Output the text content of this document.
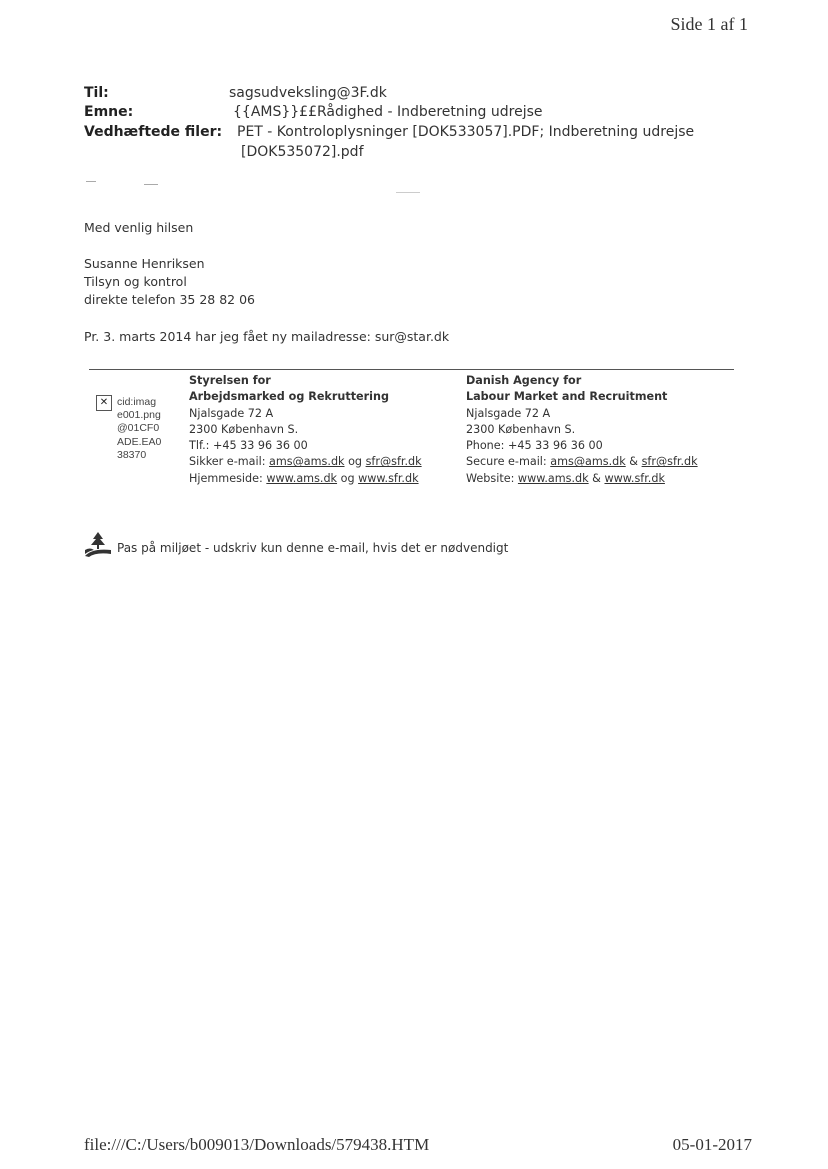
Side 1 af 1
Til:	sagsudveksling@3F.dk
Emne:	{{AMS}}££Rådighed - Indberetning udrejse
Vedhæftede filer: PET - Kontroloplysninger [DOK533057].PDF; Indberetning udrejse
[DOK535072].pdf
Med venlig hilsen
Susanne Henriksen
Tilsyn og kontrol
direkte telefon 35 28 82 06
Pr. 3. marts 2014 har jeg fået ny mailadresse: sur@star.dk
✕ cid:imag
e001.png
@01CF0
ADE.EA0
38370
Styrelsen for
Arbejdsmarked og Rekruttering
Njalsgade 72 A
2300 København S.
Tlf.: +45 33 96 36 00
Sikker e-mail: ams@ams.dk og sfr@sfr.dk
Hjemmeside: www.ams.dk og www.sfr.dk
Danish Agency for
Labour Market and Recruitment
Njalsgade 72 A
2300 København S.
Phone: +45 33 96 36 00
Secure e-mail: ams@ams.dk & sfr@sfr.dk
Website: www.ams.dk & www.sfr.dk
Pas på miljøet - udskriv kun denne e-mail, hvis det er nødvendigt
file:///C:/Users/b009013/Downloads/579438.HTM	05-01-2017
